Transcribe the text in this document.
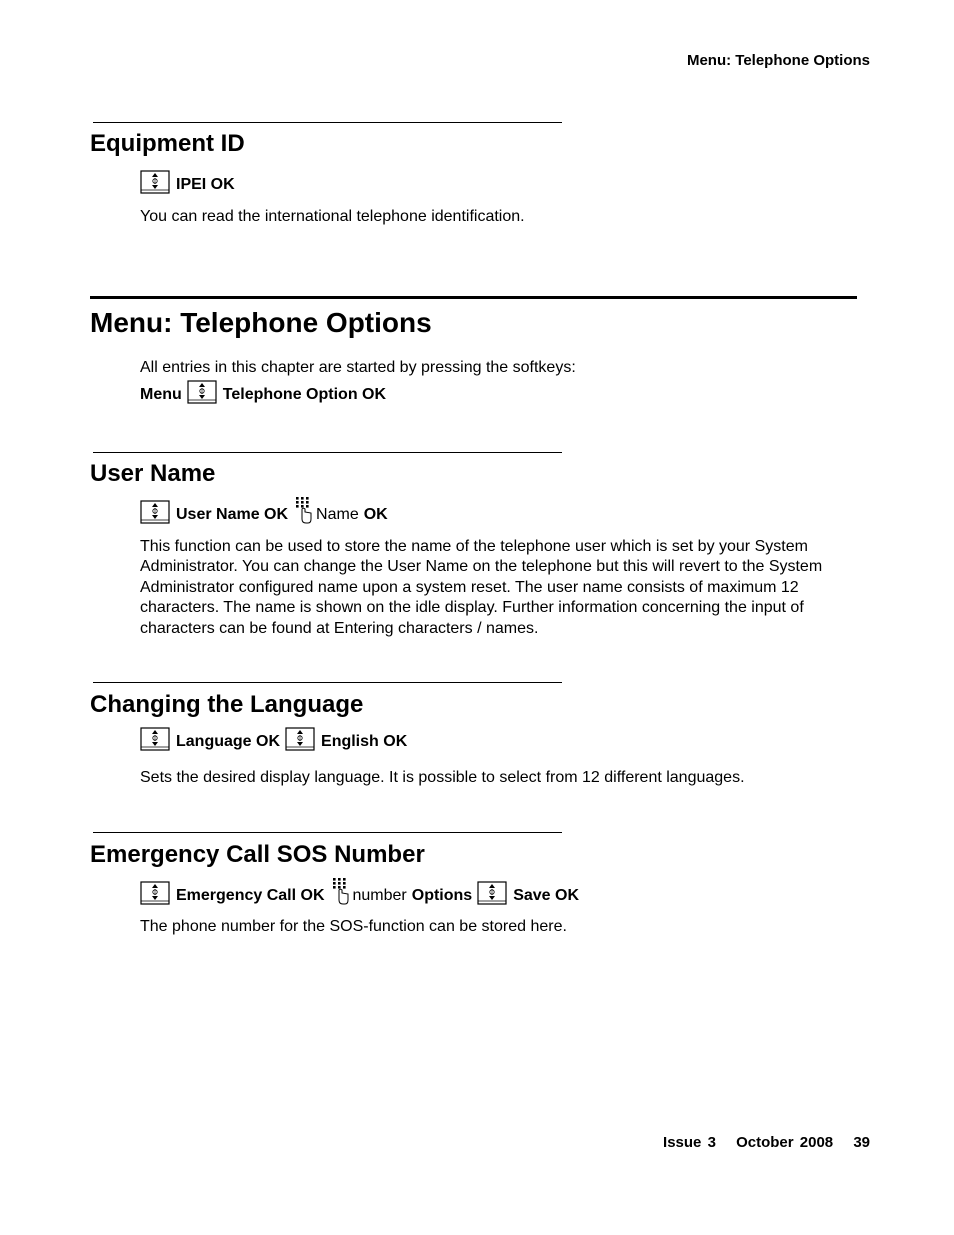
Menu: Telephone Options
Equipment ID
IPEI OK

You can read the international telephone identification.

Menu: Telephone Options

All entries in this chapter are started by pressing the softkeys:

Menu	Telephone Option OK
User Name
User Name OK Name OK

This function can be used to store the name of the telephone user which is set by your System Administrator. You can change the User Name on the telephone but this will revert to the System Administrator configured name upon a system reset. The user name consists of maximum 12 characters. The name is shown on the idle display. Further information concerning the input of characters can be found at Entering characters / names.

Changing the Language
Language OK	English OK

Sets the desired display language. It is possible to select from 12 different languages.

Emergency Call SOS Number
Emergency Call OK number Options	Save OK

The phone number for the SOS-function can be stored here.

Issue 3 October 2008 39
